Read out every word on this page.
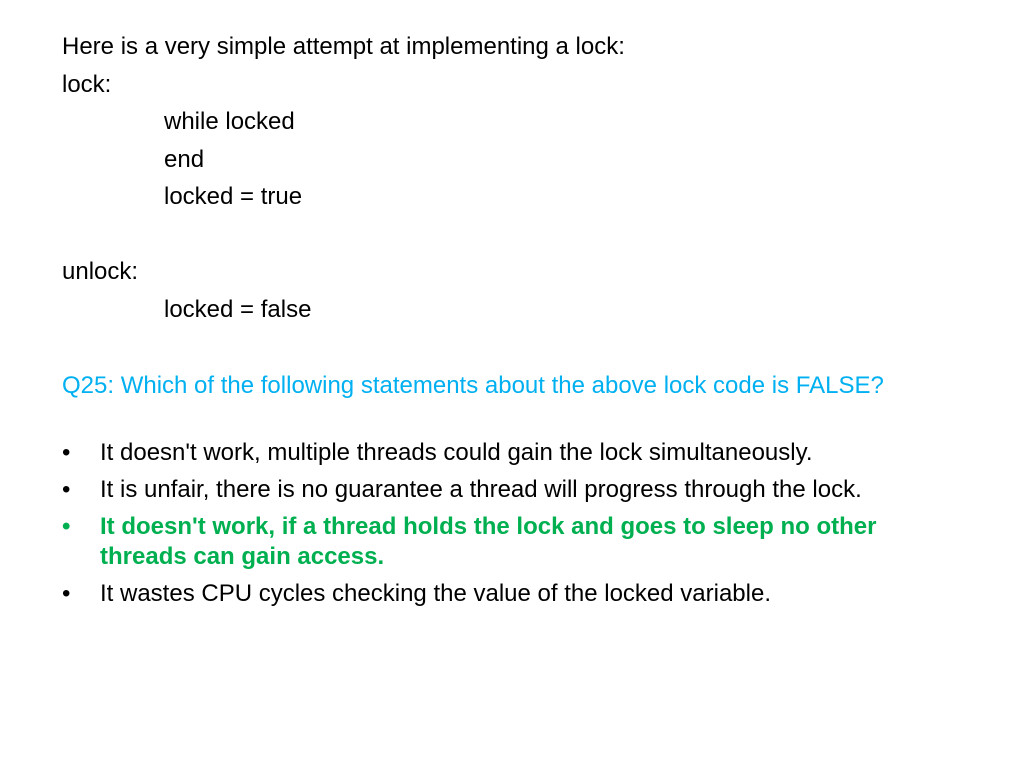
Here is a very simple attempt at implementing a lock:
lock:
while locked
end
locked = true
unlock:
locked = false
Q25: Which of the following statements about the above lock code is FALSE?
•	It doesn't work, multiple threads could gain the lock simultaneously.
•	It is unfair, there is no guarantee a thread will progress through the lock.
•	It doesn't work, if a thread holds the lock and goes to sleep no other threads can gain access.
•	It wastes CPU cycles checking the value of the locked variable.
